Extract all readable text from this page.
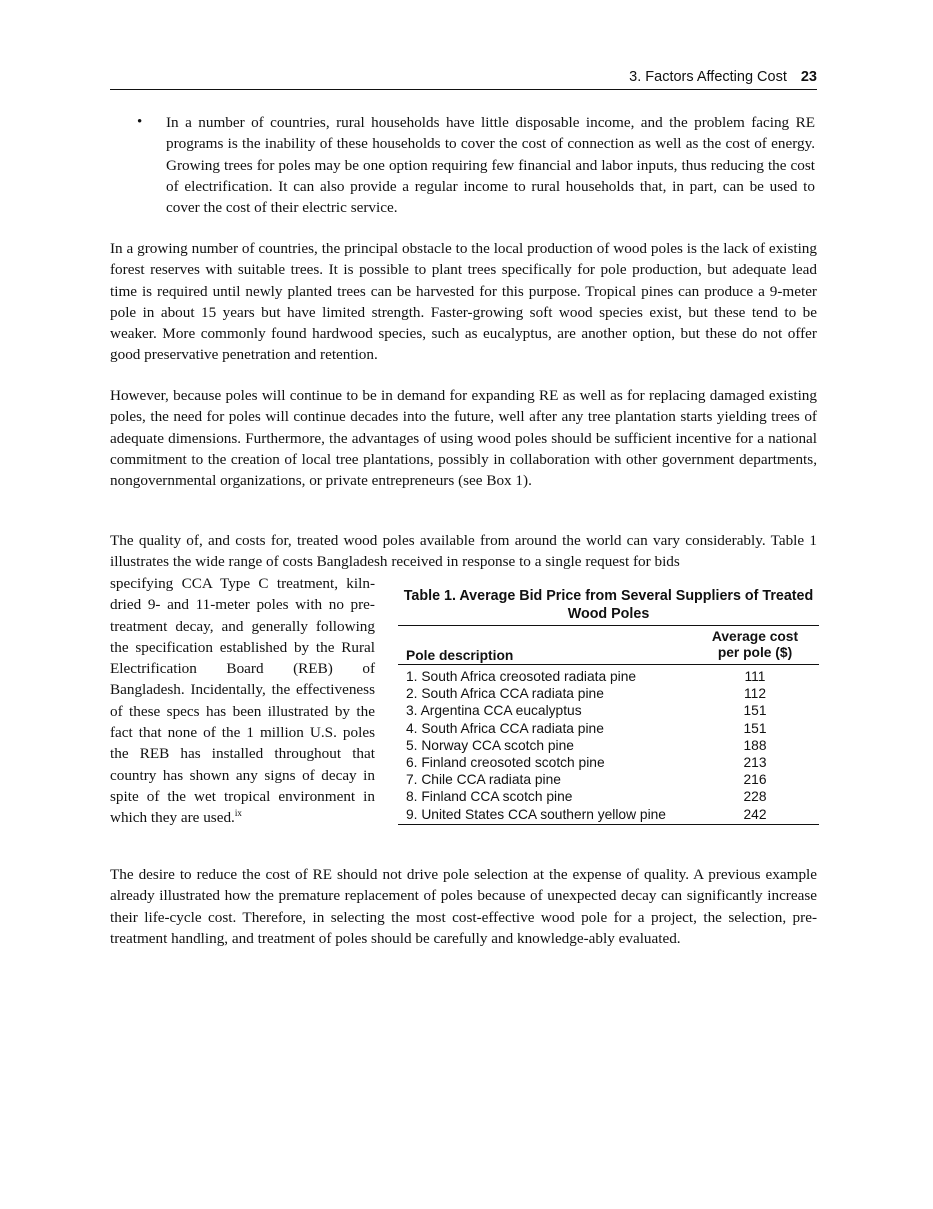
3. Factors Affecting Cost 23
• In a number of countries, rural households have little disposable income, and the problem facing RE programs is the inability of these households to cover the cost of connection as well as the cost of energy. Growing trees for poles may be one option requiring few financial and labor inputs, thus reducing the cost of electrification. It can also provide a regular income to rural households that, in part, can be used to cover the cost of their electric service.

In a growing number of countries, the principal obstacle to the local production of wood poles is the lack of existing forest reserves with suitable trees. It is possible to plant trees specifically for pole production, but adequate lead time is required until newly planted trees can be harvested for this purpose. Tropical pines can produce a 9-meter pole in about 15 years but have limited strength. Faster-growing soft wood species exist, but these tend to be weaker. More commonly found hardwood species, such as eucalyptus, are another option, but these do not offer good preservative penetration and retention.

However, because poles will continue to be in demand for expanding RE as well as for replacing damaged existing poles, the need for poles will continue decades into the future, well after any tree plantation starts yielding trees of adequate dimensions. Furthermore, the advantages of using wood poles should be sufficient incentive for a national commitment to the creation of local tree plantations, possibly in collaboration with other government departments, nongovernmental organizations, or private entrepreneurs (see Box 1).

The quality of, and costs for, treated wood poles available from around the world can vary considerably. Table 1 illustrates the wide range of costs Bangladesh received in response to a single request for bids

specifying CCA Type C treatment, kiln-dried 9- and 11-meter poles with no pre-treatment decay, and generally following the specification established by the Rural Electrification Board (REB) of Bangladesh. Incidentally, the effectiveness of these specs has been illustrated by the fact that none of the 1 million U.S. poles the REB has installed throughout that country has shown any signs of decay in spite of the wet tropical environment in which they are used.$^{ix}$

Table 1. Average Bid Price from Several Suppliers of Treated Wood Poles
Pole description
Average cost
per pole ($)
1. South Africa creosoted radiata pine	111
2. South Africa CCA radiata pine	112
3. Argentina CCA eucalyptus	151
4. South Africa CCA radiata pine	151
5. Norway CCA scotch pine	188
6. Finland creosoted scotch pine	213
7. Chile CCA radiata pine	216
8. Finland CCA scotch pine	228
9. United States CCA southern yellow pine	242

The desire to reduce the cost of RE should not drive pole selection at the expense of quality. A previous example already illustrated how the premature replacement of poles because of unexpected decay can significantly increase their life-cycle cost. Therefore, in selecting the most cost-effective wood pole for a project, the selection, pre-treatment handling, and treatment of poles should be carefully and knowledge-ably evaluated.
